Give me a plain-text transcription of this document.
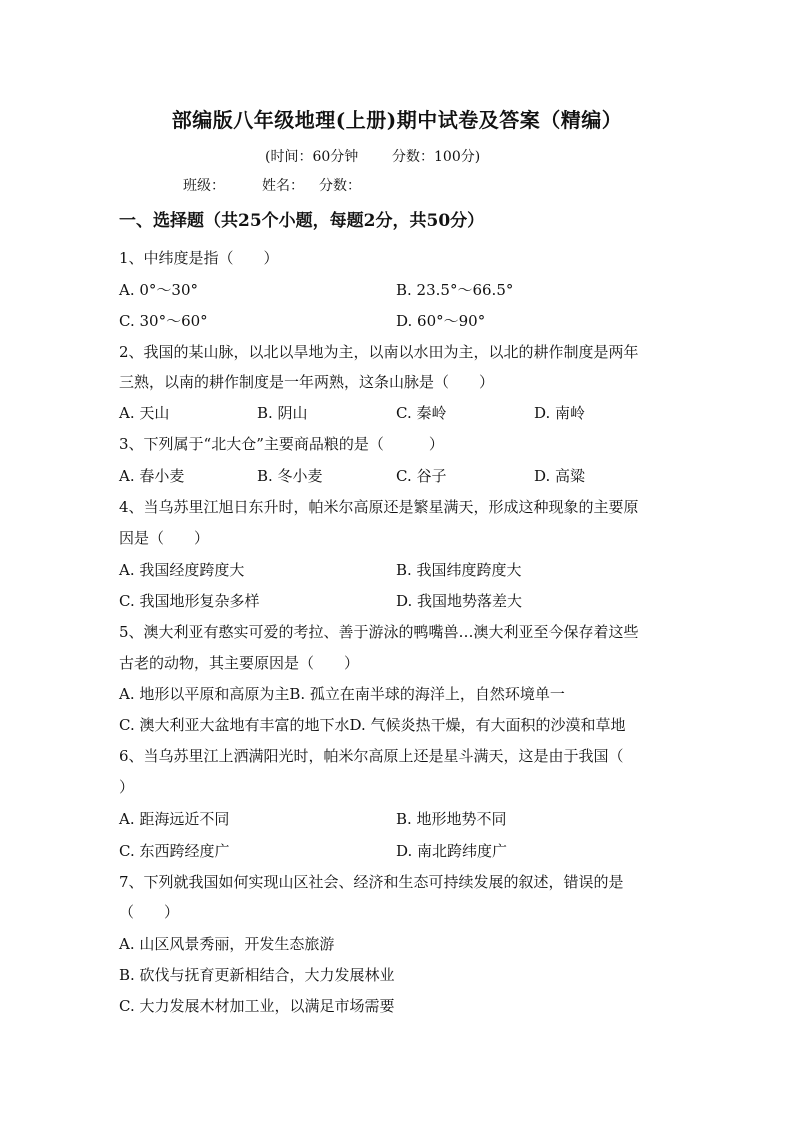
部编版八年级地理(上册)期中试卷及答案（精编）
(时间：60分钟 分数：100分)
班级：	姓名： 分数：
一、选择题（共25个小题，每题2分，共50分）
1、中纬度是指（　　）
A. 0°～30°	B. 23.5°～66.5°
C. 30°～60°	D. 60°～90°
2、我国的某山脉，以北以旱地为主，以南以水田为主，以北的耕作制度是两年
三熟，以南的耕作制度是一年两熟，这条山脉是（　　）
A. 天山	B. 阴山	C. 秦岭	D. 南岭
3、下列属于“北大仓”主要商品粮的是（　　　）
A. 春小麦	B. 冬小麦	C. 谷子	D. 高粱
4、当乌苏里江旭日东升时，帕米尔高原还是繁星满天，形成这种现象的主要原
因是（　　）
A. 我国经度跨度大	B. 我国纬度跨度大
C. 我国地形复杂多样	D. 我国地势落差大
5、澳大利亚有憨实可爱的考拉、善于游泳的鸭嘴兽…澳大利亚至今保存着这些
古老的动物，其主要原因是（　　）
A. 地形以平原和高原为主B. 孤立在南半球的海洋上，自然环境单一
C. 澳大利亚大盆地有丰富的地下水D. 气候炎热干燥，有大面积的沙漠和草地
6、当乌苏里江上洒满阳光时，帕米尔高原上还是星斗满天，这是由于我国（
）
A. 距海远近不同	B. 地形地势不同
C. 东西跨经度广	D. 南北跨纬度广
7、下列就我国如何实现山区社会、经济和生态可持续发展的叙述，错误的是
（　　）
A. 山区风景秀丽，开发生态旅游
B. 砍伐与抚育更新相结合，大力发展林业
C. 大力发展木材加工业，以满足市场需要
